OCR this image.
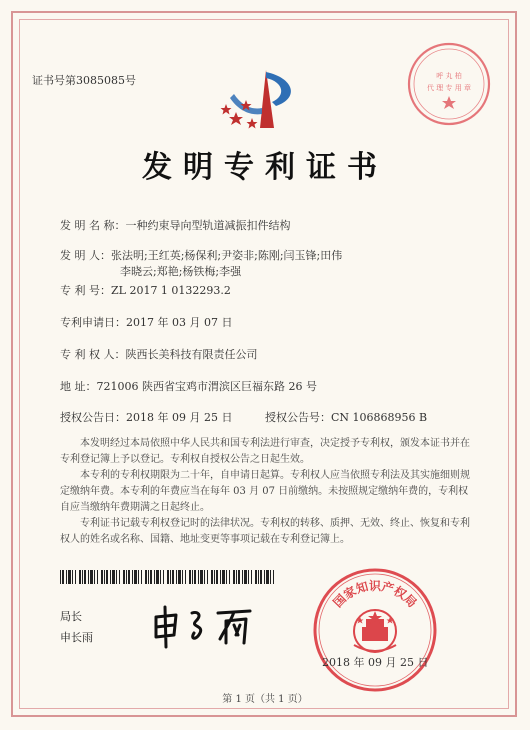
证书号第3085085号	呼 丸 柏
代 理 专 用 章
发明专利证书
发 明 名 称：一种约束导向型轨道减振扣件结构
发 明 人：张法明;王红英;杨保利;尹姿非;陈刚;闫玉锋;田伟
李晓云;郑艳;杨铁梅;李强
专 利 号：ZL 2017 1 0132293.2
专利申请日：2017 年 03 月 07 日
专 利 权 人：陕西长美科技有限责任公司
地 址：721006 陕西省宝鸡市渭滨区巨福东路 26 号
授权公告日：2018 年 09 月 25 日	授权公告号：CN 106868956 B

本发明经过本局依照中华人民共和国专利法进行审查，决定授予专利权，颁发本证书并在专利登记簿上予以登记。专利权自授权公告之日起生效。

本专利的专利权期限为二十年，自申请日起算。专利权人应当依照专利法及其实施细则规定缴纳年费。本专利的年费应当在每年 03 月 07 日前缴纳。未按照规定缴纳年费的，专利权自应当缴纳年费期满之日起终止。

专利证书记载专利权登记时的法律状况。专利权的转移、质押、无效、终止、恢复和专利权人的姓名或名称、国籍、地址变更等事项记载在专利登记簿上。

局长
申长雨
国家知识产权局
2018 年 09 月 25 日
第 1 页（共 1 页）
